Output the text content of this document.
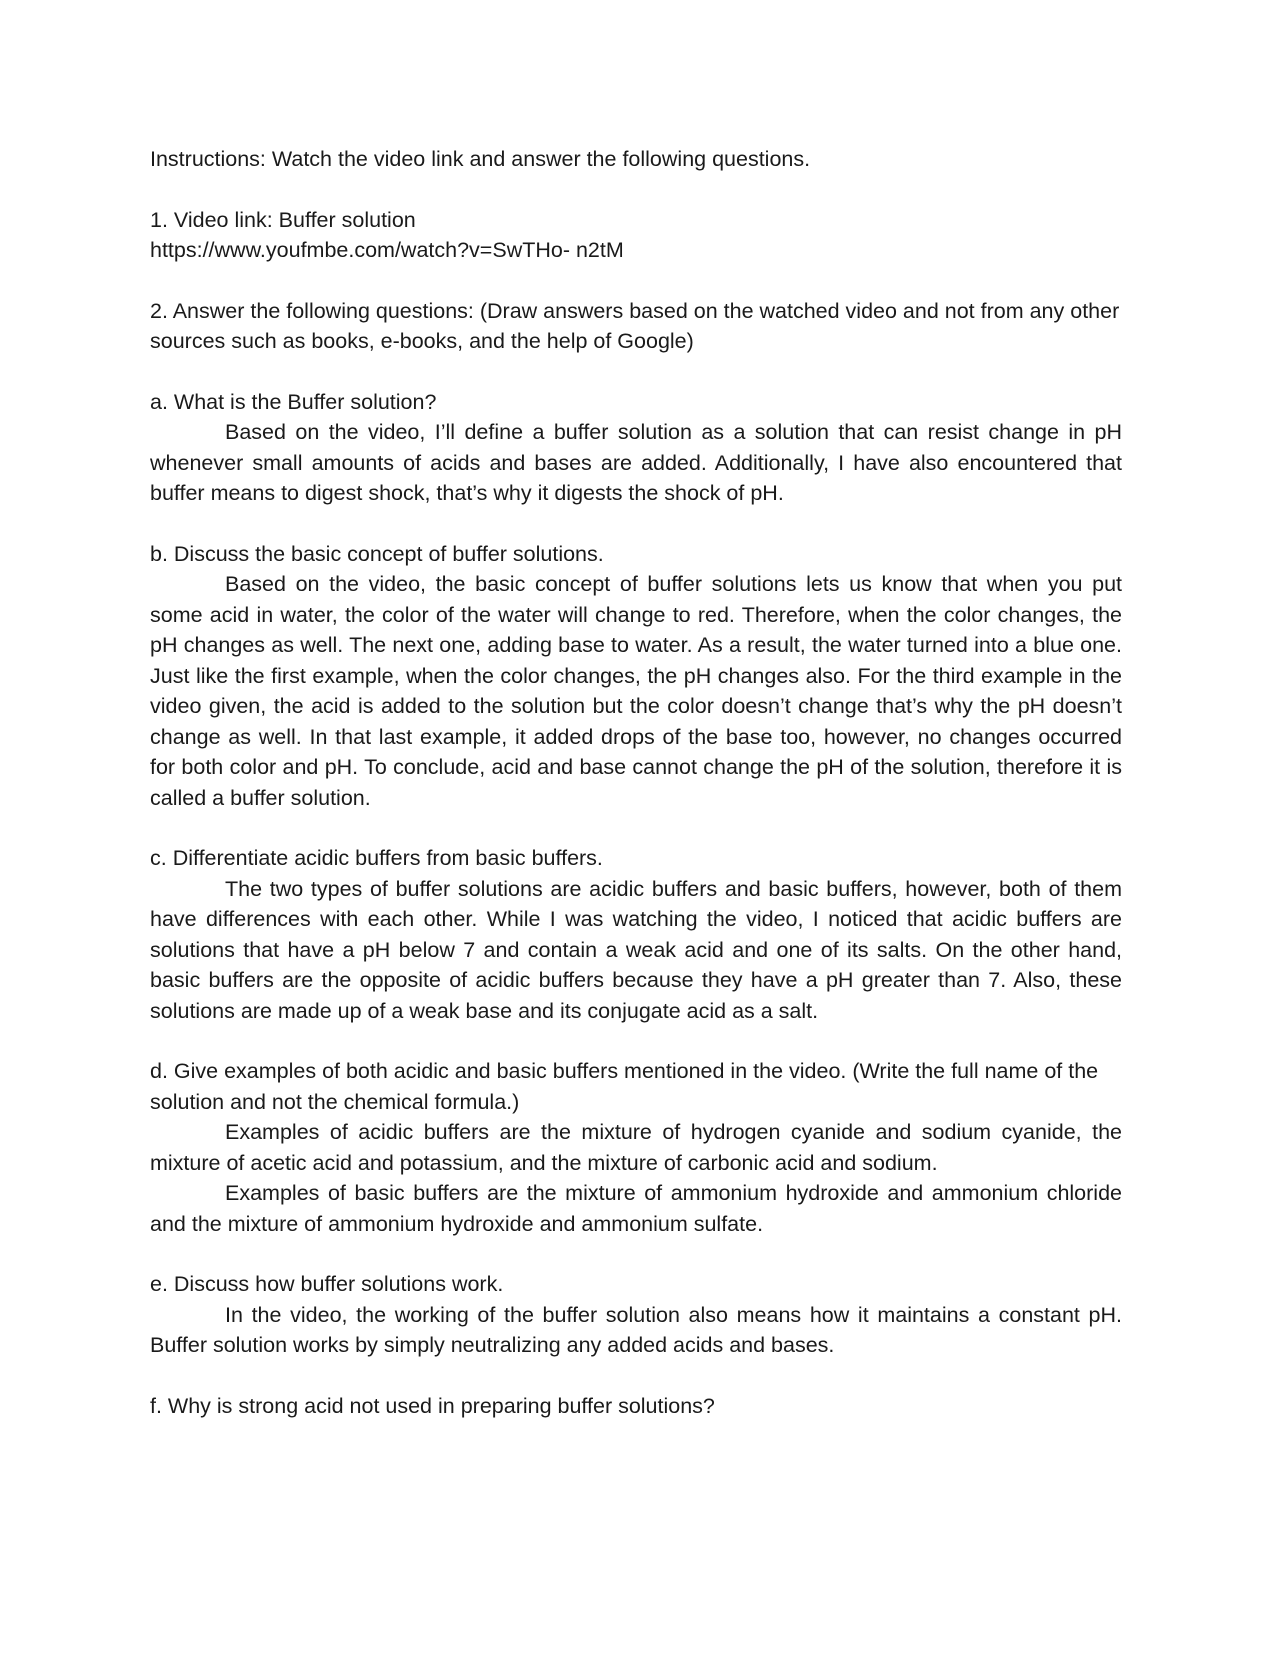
Instructions: Watch the video link and answer the following questions.

1. Video link: Buffer solution

https://www.youfmbe.com/watch?v=SwTHo- n2tM

2. Answer the following questions: (Draw answers based on the watched video and not from any other sources such as books, e-books, and the help of Google)

a. What is the Buffer solution?

Based on the video, I’ll define a buffer solution as a solution that can resist change in pH whenever small amounts of acids and bases are added. Additionally, I have also encountered that buffer means to digest shock, that’s why it digests the shock of pH.

b. Discuss the basic concept of buffer solutions.

Based on the video, the basic concept of buffer solutions lets us know that when you put some acid in water, the color of the water will change to red. Therefore, when the color changes, the pH changes as well. The next one, adding base to water. As a result, the water turned into a blue one. Just like the first example, when the color changes, the pH changes also. For the third example in the video given, the acid is added to the solution but the color doesn’t change that’s why the pH doesn’t change as well. In that last example, it added drops of the base too, however, no changes occurred for both color and pH. To conclude, acid and base cannot change the pH of the solution, therefore it is called a buffer solution.

c. Differentiate acidic buffers from basic buffers.

The two types of buffer solutions are acidic buffers and basic buffers, however, both of them have differences with each other. While I was watching the video, I noticed that acidic buffers are solutions that have a pH below 7 and contain a weak acid and one of its salts. On the other hand, basic buffers are the opposite of acidic buffers because they have a pH greater than 7. Also, these solutions are made up of a weak base and its conjugate acid as a salt.

d. Give examples of both acidic and basic buffers mentioned in the video. (Write the full name of the solution and not the chemical formula.)

Examples of acidic buffers are the mixture of hydrogen cyanide and sodium cyanide, the mixture of acetic acid and potassium, and the mixture of carbonic acid and sodium.

Examples of basic buffers are the mixture of ammonium hydroxide and ammonium chloride and the mixture of ammonium hydroxide and ammonium sulfate.

e. Discuss how buffer solutions work.

In the video, the working of the buffer solution also means how it maintains a constant pH. Buffer solution works by simply neutralizing any added acids and bases.

f. Why is strong acid not used in preparing buffer solutions?
